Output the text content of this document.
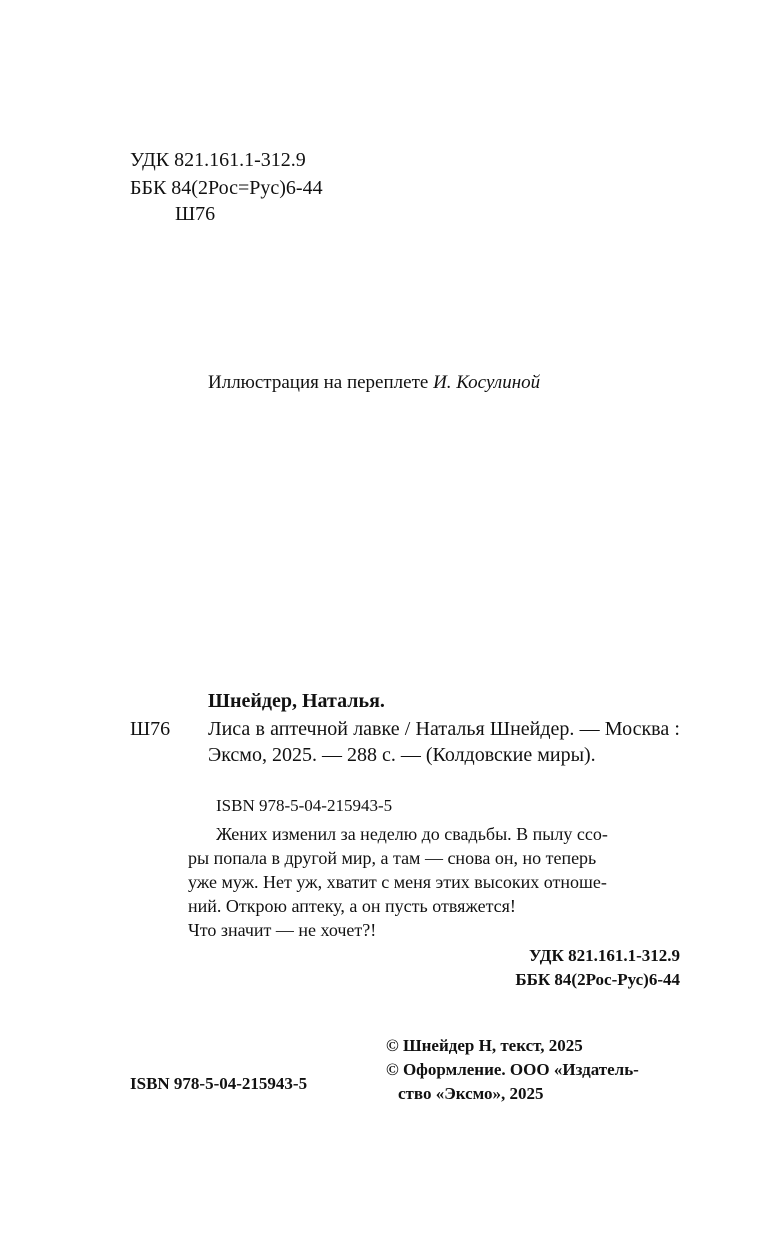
УДК 821.161.1-312.9
ББК 84(2Рос=Рус)6-44
Ш76
Иллюстрация на переплете И. Косулиной
Шнейдер, Наталья.
Ш76 Лиса в аптечной лавке / Наталья Шнейдер. — Москва : Эксмо, 2025. — 288 с. — (Колдовские миры).

ISBN 978-5-04-215943-5
Жених изменил за неделю до свадьбы. В пылу ссо-
ры попала в другой мир, а там — снова он, но теперь
уже муж. Нет уж, хватит с меня этих высоких отноше-
ний. Открою аптеку, а он пусть отвяжется!
Что значит — не хочет?!
УДК 821.161.1-312.9
ББК 84(2Рос-Рус)6-44
© Шнейдер Н, текст, 2025
© Оформление. ООО «Издатель-
ство «Эксмо», 2025
ISBN 978-5-04-215943-5
